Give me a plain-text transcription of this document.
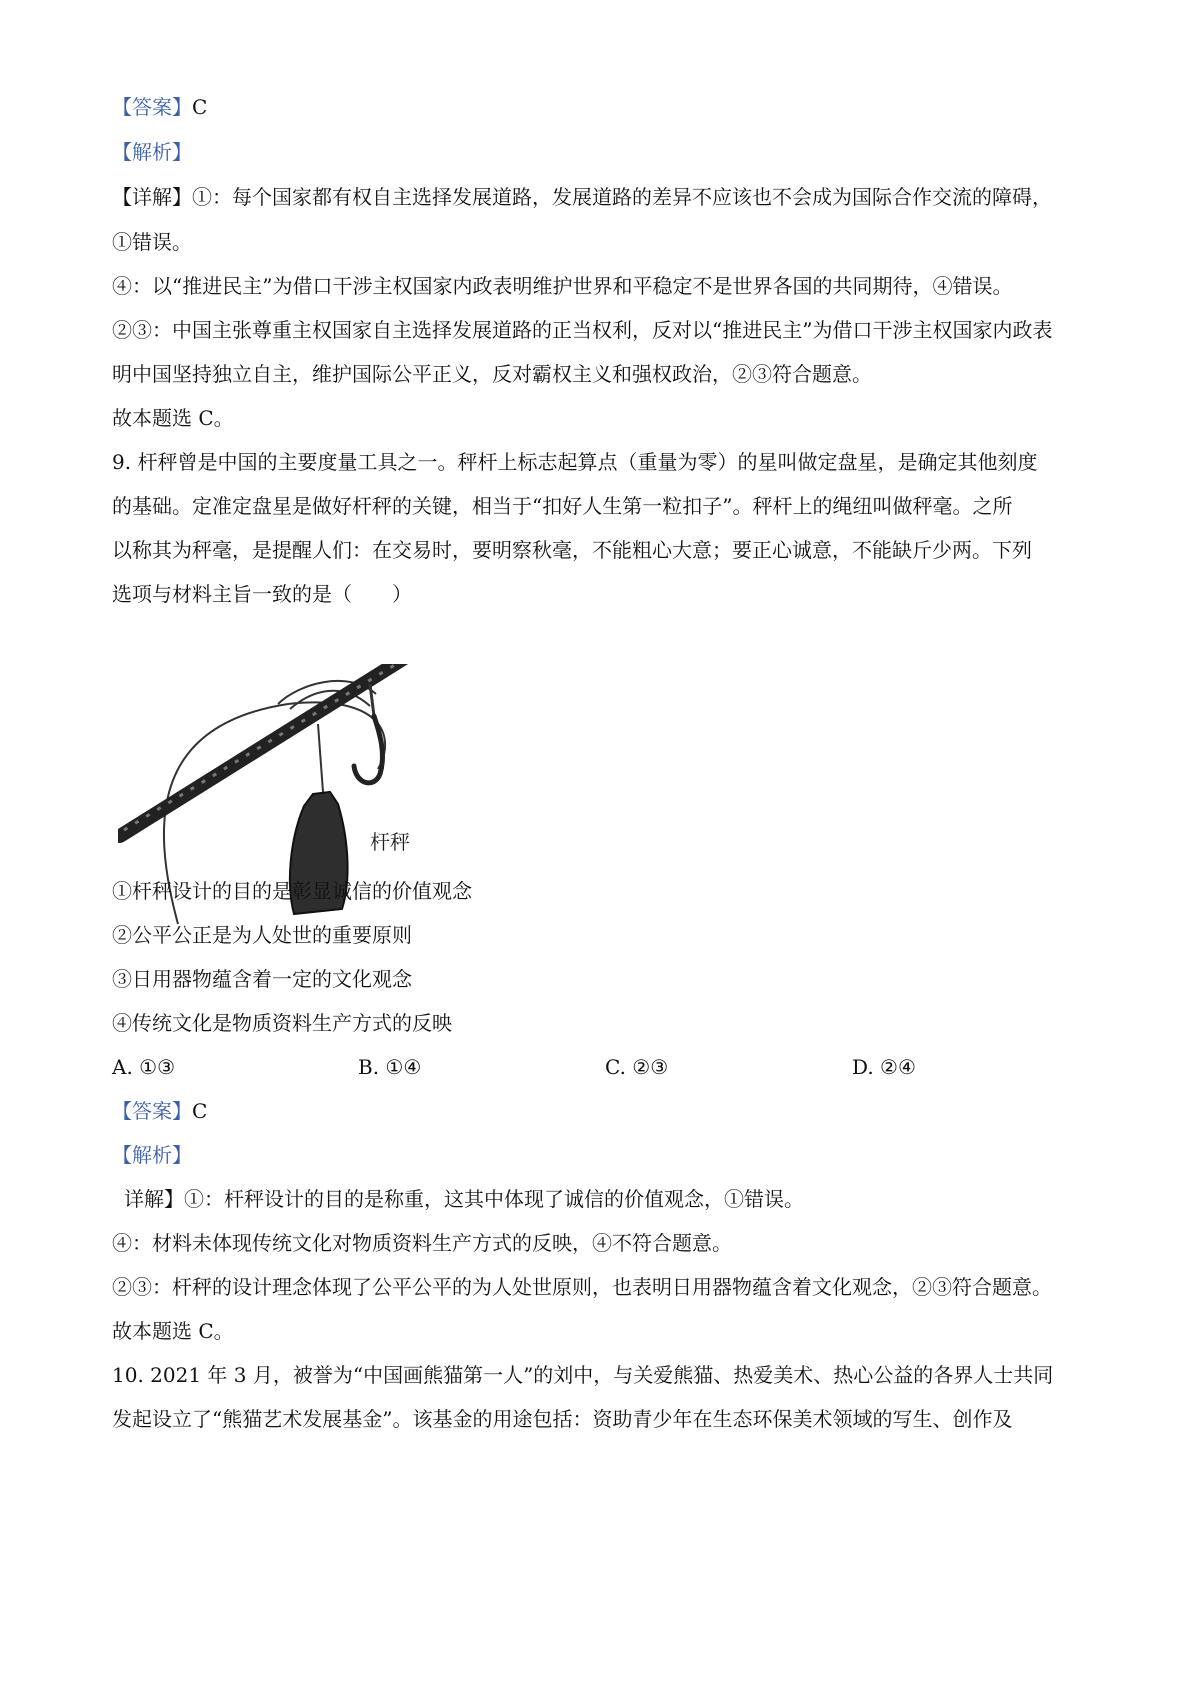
【答案】C
【解析】
【详解】①：每个国家都有权自主选择发展道路，发展道路的差异不应该也不会成为国际合作交流的障碍，
①错误。
④：以“推进民主”为借口干涉主权国家内政表明维护世界和平稳定不是世界各国的共同期待，④错误。
②③：中国主张尊重主权国家自主选择发展道路的正当权利，反对以“推进民主”为借口干涉主权国家内政表
明中国坚持独立自主，维护国际公平正义，反对霸权主义和强权政治，②③符合题意。
故本题选 C。
9. 杆秤曾是中国的主要度量工具之一。秤杆上标志起算点（重量为零）的星叫做定盘星，是确定其他刻度
的基础。定准定盘星是做好杆秤的关键，相当于“扣好人生第一粒扣子”。秤杆上的绳纽叫做秤毫。之所
以称其为秤毫，是提醒人们：在交易时，要明察秋毫，不能粗心大意；要正心诚意，不能缺斤少两。下列
选项与材料主旨一致的是（　　）
杆秤
①杆秤设计的目的是彰显诚信的价值观念
②公平公正是为人处世的重要原则
③日用器物蕴含着一定的文化观念
④传统文化是物质资料生产方式的反映
A. ①③	B. ①④	C. ②③	D. ②④
【答案】C
【解析】
详解】①：杆秤设计的目的是称重，这其中体现了诚信的价值观念，①错误。
④：材料未体现传统文化对物质资料生产方式的反映，④不符合题意。
②③：杆秤的设计理念体现了公平公平的为人处世原则，也表明日用器物蕴含着文化观念，②③符合题意。
故本题选 C。
10. 2021 年 3 月，被誉为“中国画熊猫第一人”的刘中，与关爱熊猫、热爱美术、热心公益的各界人士共同
发起设立了“熊猫艺术发展基金”。该基金的用途包括：资助青少年在生态环保美术领域的写生、创作及
